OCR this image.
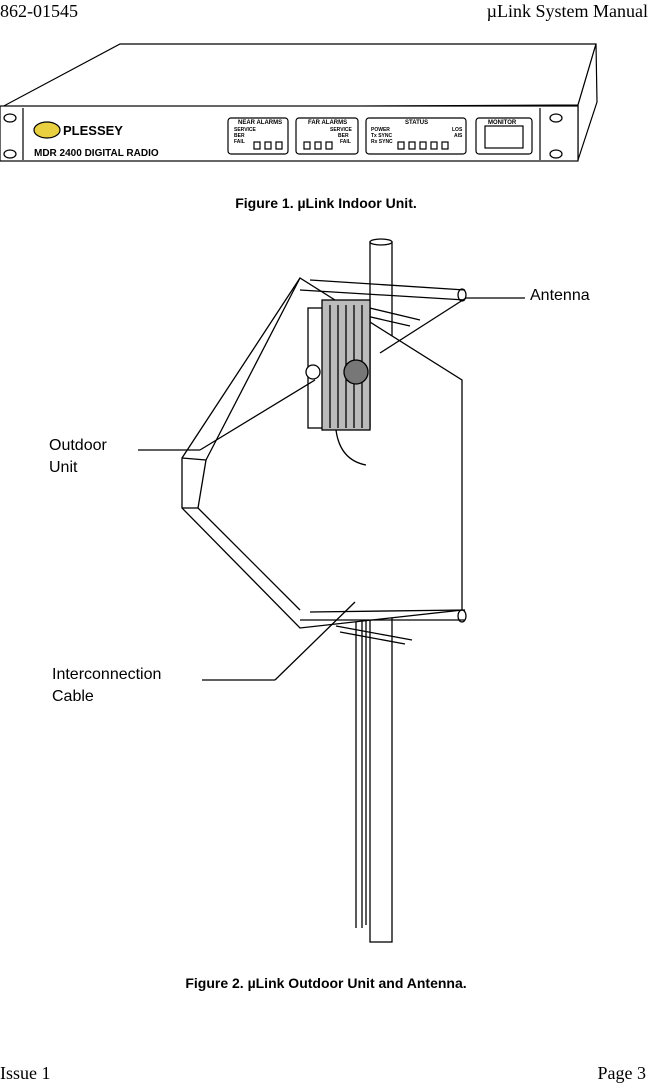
862-01545	µLink System Manual
PLESSEY
MDR 2400 DIGITAL RADIO
NEAR ALARMS
SERVICE
BER
FAIL
FAR ALARMS
SERVICE
BER
FAIL
STATUS
POWER
Tx SYNC
Rx SYNC
LOS
AIS
MONITOR
Antenna
Outdoor
Unit
Interconnection
Cable
Figure 1. µLink Indoor Unit.
Figure 2. µLink Outdoor Unit and Antenna.
Issue 1	Page 3
